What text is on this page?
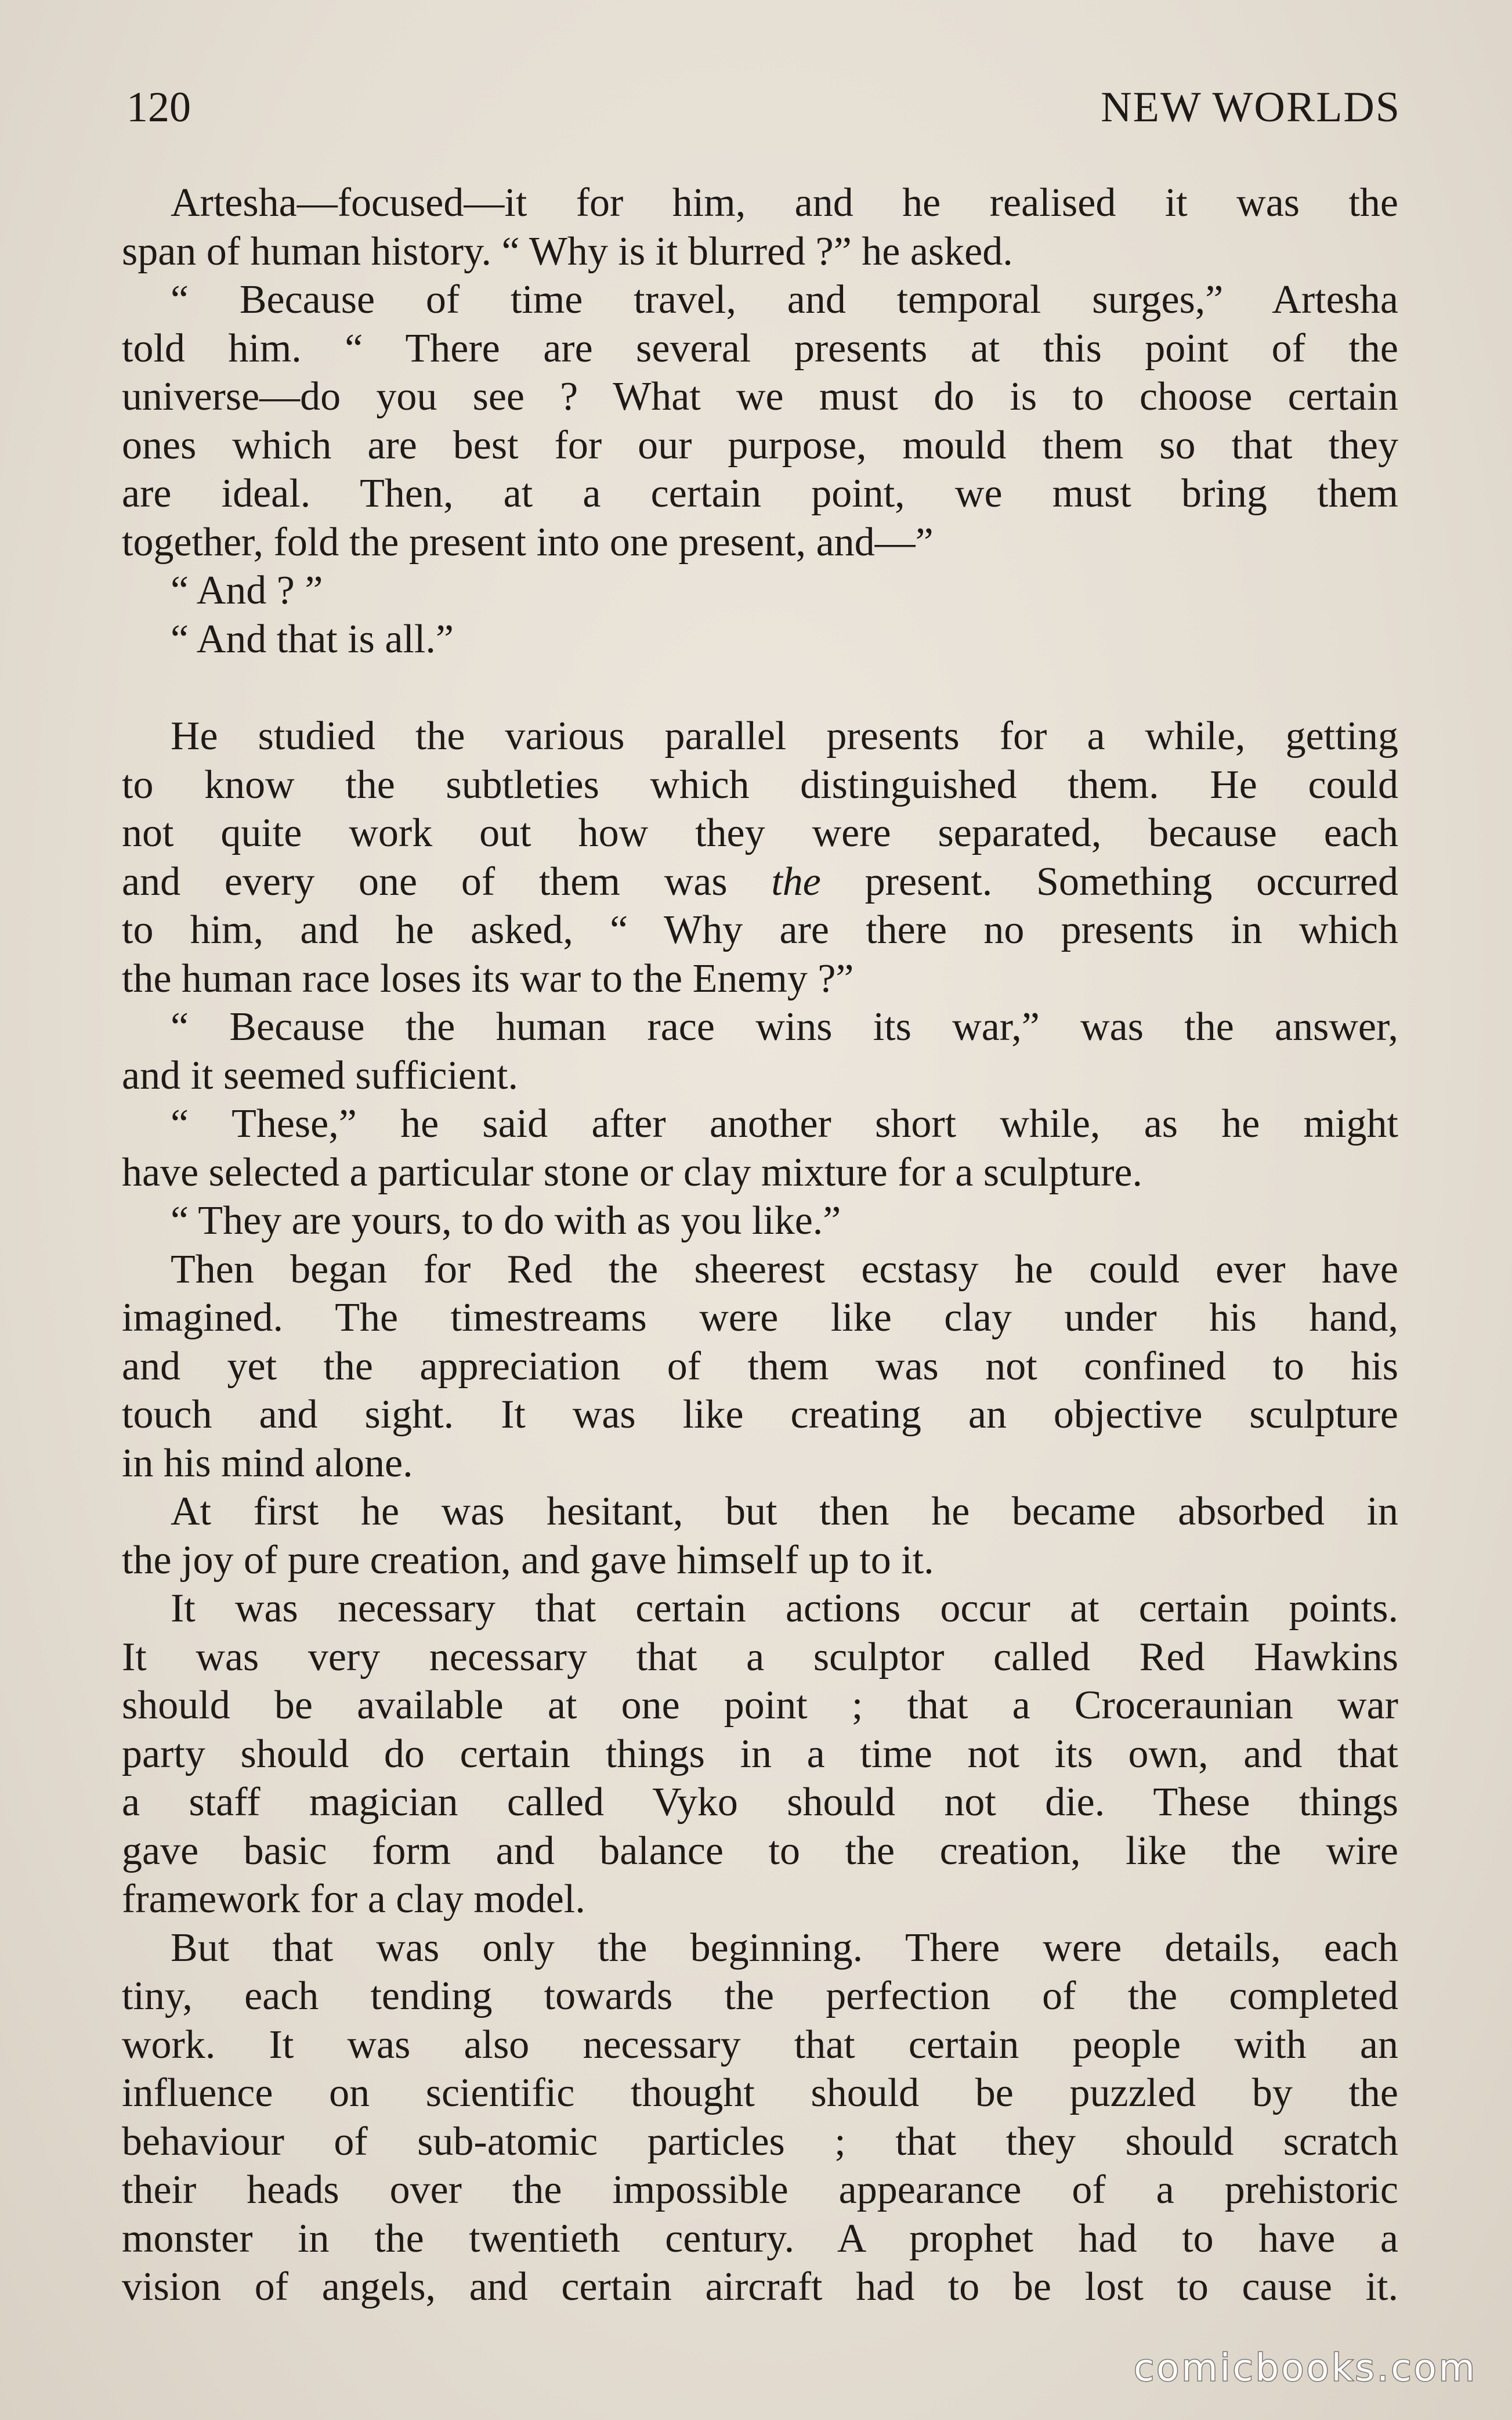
120	NEW WORLDS
Artesha—focused—it for him, and he realised it was the
span of human history. “ Why is it blurred ?” he asked.
“ Because of time travel, and temporal surges,” Artesha
told him. “ There are several presents at this point of the
universe—do you see ? What we must do is to choose certain
ones which are best for our purpose, mould them so that they
are ideal. Then, at a certain point, we must bring them
together, fold the present into one present, and—”
“ And ? ”
“ And that is all.”
He studied the various parallel presents for a while, getting
to know the subtleties which distinguished them. He could
not quite work out how they were separated, because each
and every one of them was the present. Something occurred
to him, and he asked, “ Why are there no presents in which
the human race loses its war to the Enemy ?”
“ Because the human race wins its war,” was the answer,
and it seemed sufficient.
“ These,” he said after another short while, as he might
have selected a particular stone or clay mixture for a sculpture.
“ They are yours, to do with as you like.”
Then began for Red the sheerest ecstasy he could ever have
imagined. The timestreams were like clay under his hand,
and yet the appreciation of them was not confined to his
touch and sight. It was like creating an objective sculpture
in his mind alone.
At first he was hesitant, but then he became absorbed in
the joy of pure creation, and gave himself up to it.
It was necessary that certain actions occur at certain points.
It was very necessary that a sculptor called Red Hawkins
should be available at one point ; that a Croceraunian war
party should do certain things in a time not its own, and that
a staff magician called Vyko should not die. These things
gave basic form and balance to the creation, like the wire
framework for a clay model.
But that was only the beginning. There were details, each
tiny, each tending towards the perfection of the completed
work. It was also necessary that certain people with an
influence on scientific thought should be puzzled by the
behaviour of sub-atomic particles ; that they should scratch
their heads over the impossible appearance of a prehistoric
monster in the twentieth century. A prophet had to have a
vision of angels, and certain aircraft had to be lost to cause it.
comicbooks.com
